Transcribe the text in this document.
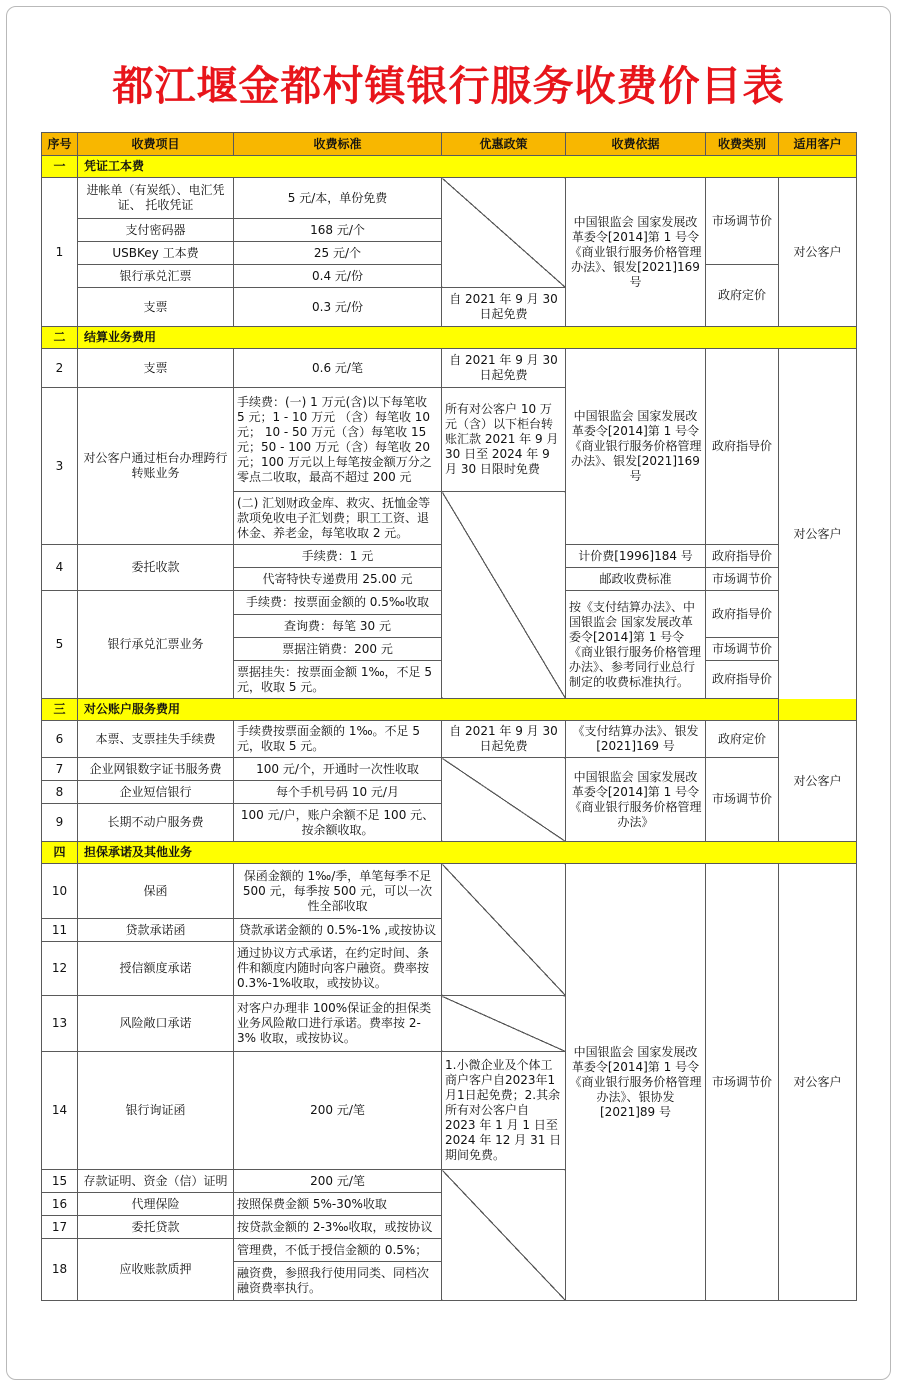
都江堰金都村镇银行服务收费价目表
序号	收费项目	收费标准	优惠政策	收费依据	收费类别	适用客户
一	凭证工本费					
1	进帐单（有炭纸）、电汇凭证、 托收凭证	5 元/本，单份免费		中国银监会 国家发展改革委令[2014]第 1 号令《商业银行服务价格管理办法》、银发[2021]169 号	市场调节价	对公客户
	支付密码器	168 元/个				
	USBKey 工本费	25 元/个				
	银行承兑汇票	0.4 元/份			政府定价	
	支票	0.3 元/份	自 2021 年 9 月 30 日起免费			
二	结算业务费用					
2	支票	0.6 元/笔	自 2021 年 9 月 30 日起免费	中国银监会 国家发展改革委令[2014]第 1 号令《商业银行服务价格管理办法》、银发[2021]169 号	政府指导价	对公客户
3	对公客户通过柜台办理跨行转账业务	手续费：(一) 1 万元(含)以下每笔收 5 元；1 - 10 万元 （含）每笔收 10 元； 10 - 50 万元（含）每笔收 15 元；50 - 100 万元（含）每笔收 20 元；100 万元以上每笔按金额万分之零点二收取，最高不超过 200 元	所有对公客户 10 万元（含）以下柜台转账汇款 2021 年 9 月 30 日至 2024 年 9 月 30 日限时免费			
		(二) 汇划财政金库、救灾、抚恤金等款项免收电子汇划费；职工工资、退休金、养老金，每笔收取 2 元。				
4	委托收款	手续费：1 元		计价费[1996]184 号	政府指导价	
		代寄特快专递费用 25.00 元		邮政收费标准	市场调节价	
5	银行承兑汇票业务	手续费：按票面金额的 0.5‰收取		按《支付结算办法》、中国银监会 国家发展改革委令[2014]第 1 号令《商业银行服务价格管理办法》、参考同行业总行制定的收费标准执行。	政府指导价	
		查询费：每笔 30 元				
		票据注销费：200 元			市场调节价	
		票据挂失：按票面金额 1‰，不足 5 元，收取 5 元。			政府指导价	
三	对公账户服务费用					
6	本票、支票挂失手续费	手续费按票面金额的 1‰。不足 5 元，收取 5 元。	自 2021 年 9 月 30 日起免费	《支付结算办法》、银发[2021]169 号	政府定价	对公客户
7	企业网银数字证书服务费	100 元/个，开通时一次性收取		中国银监会 国家发展改革委令[2014]第 1 号令《商业银行服务价格管理办法》	市场调节价	
8	企业短信银行	每个手机号码 10 元/月				
9	长期不动户服务费	100 元/户，账户余额不足 100 元、按余额收取。				
四	担保承诺及其他业务					
10	保函	保函金额的 1‰/季，单笔每季不足 500 元，每季按 500 元，可以一次性全部收取		中国银监会 国家发展改革委令[2014]第 1 号令《商业银行服务价格管理办法》、银协发[2021]89 号	市场调节价	对公客户
11	贷款承诺函	贷款承诺金额的 0.5%-1% ,或按协议				
12	授信额度承诺	通过协议方式承诺，在约定时间、条件和额度内随时向客户融资。费率按 0.3%-1%收取，或按协议。				
13	风险敞口承诺	对客户办理非 100%保证金的担保类业务风险敞口进行承诺。费率按 2-3% 收取，或按协议。				
14	银行询证函	200 元/笔	1.小微企业及个体工商户客户自2023年1月1日起免费；2.其余所有对公客户自 2023 年 1 月 1 日至 2024 年 12 月 31 日期间免费。			
15	存款证明、资金（信）证明	200 元/笔				
16	代理保险	按照保费金额 5%-30%收取				
17	委托贷款	按贷款金额的 2-3‰收取，或按协议				
18	应收账款质押	管理费，不低于授信金额的 0.5%；				
		融资费，参照我行使用同类、同档次融资费率执行。				
